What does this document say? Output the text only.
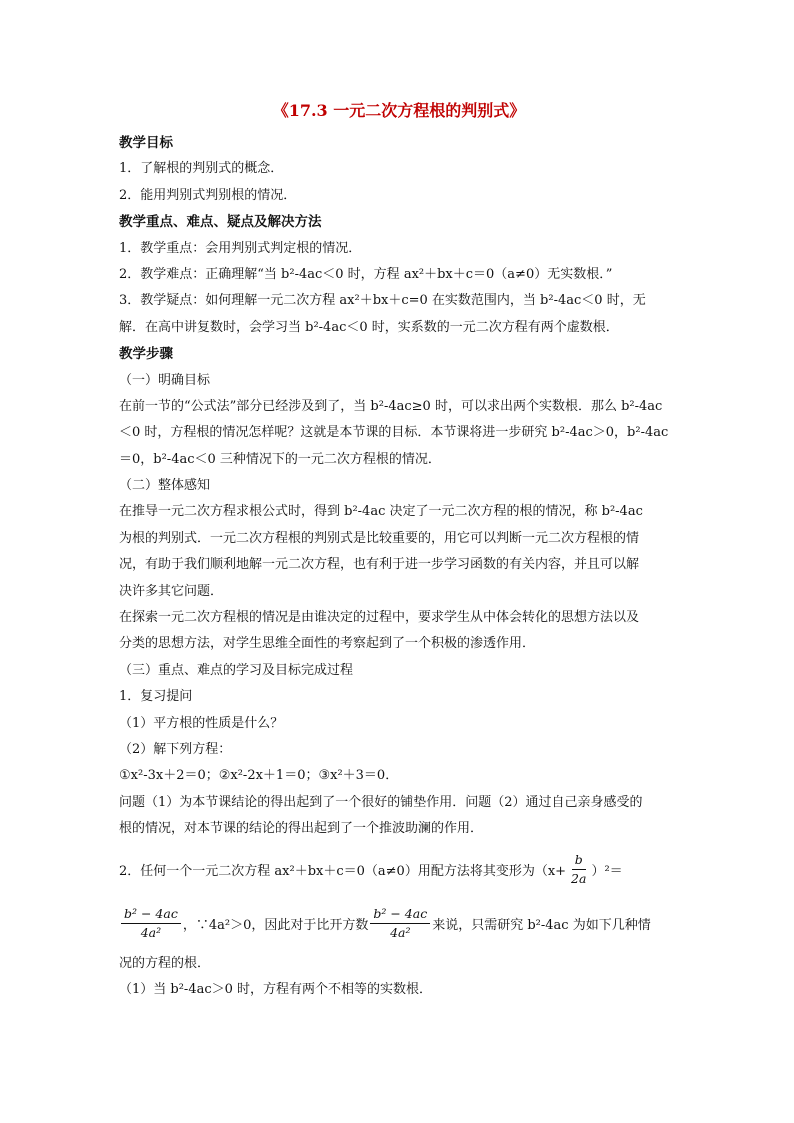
《17.3 一元二次方程根的判别式》
教学目标
1．了解根的判别式的概念．
2．能用判别式判别根的情况．
教学重点、难点、疑点及解决方法
1．教学重点：会用判别式判定根的情况．
2．教学难点：正确理解“当 b²-4ac＜0 时，方程 ax²＋bx＋c＝0（a≠0）无实数根．”
3．教学疑点：如何理解一元二次方程 ax²＋bx＋c=0 在实数范围内，当 b²-4ac＜0 时，无
解．在高中讲复数时，会学习当 b²-4ac＜0 时，实系数的一元二次方程有两个虚数根．
教学步骤
（一）明确目标
在前一节的“公式法”部分已经涉及到了，当 b²-4ac≥0 时，可以求出两个实数根．那么 b²-4ac
＜0 时，方程根的情况怎样呢？这就是本节课的目标．本节课将进一步研究 b²-4ac＞0，b²-4ac
＝0，b²-4ac＜0 三种情况下的一元二次方程根的情况．
（二）整体感知
在推导一元二次方程求根公式时，得到 b²-4ac 决定了一元二次方程的根的情况，称 b²-4ac
为根的判别式．一元二次方程根的判别式是比较重要的，用它可以判断一元二次方程根的情
况，有助于我们顺利地解一元二次方程，也有利于进一步学习函数的有关内容，并且可以解
决许多其它问题．
在探索一元二次方程根的情况是由谁决定的过程中，要求学生从中体会转化的思想方法以及
分类的思想方法，对学生思维全面性的考察起到了一个积极的渗透作用．
（三）重点、难点的学习及目标完成过程
1．复习提问
（1）平方根的性质是什么？
（2）解下列方程：
①x²-3x＋2＝0；②x²-2x＋1＝0；③x²＋3＝0．
问题（1）为本节课结论的得出起到了一个很好的铺垫作用．问题（2）通过自己亲身感受的
根的情况，对本节课的结论的得出起到了一个推波助澜的作用．
2．任何一个一元二次方程 ax²＋bx＋c＝0（a≠0）用配方法将其变形为$(x+ \frac{b}{2a} )^2=$
$\frac{\text{b² − 4ac}}{\text{4a²}}$ ，∵4a²＞0，因此对于比开方数 $\frac{\text{b² − 4ac}}{\text{4a²}}$ 来说，只需研究 b²-4ac 为如下几种情
况的方程的根．
（1）当 b²-4ac＞0 时，方程有两个不相等的实数根．
